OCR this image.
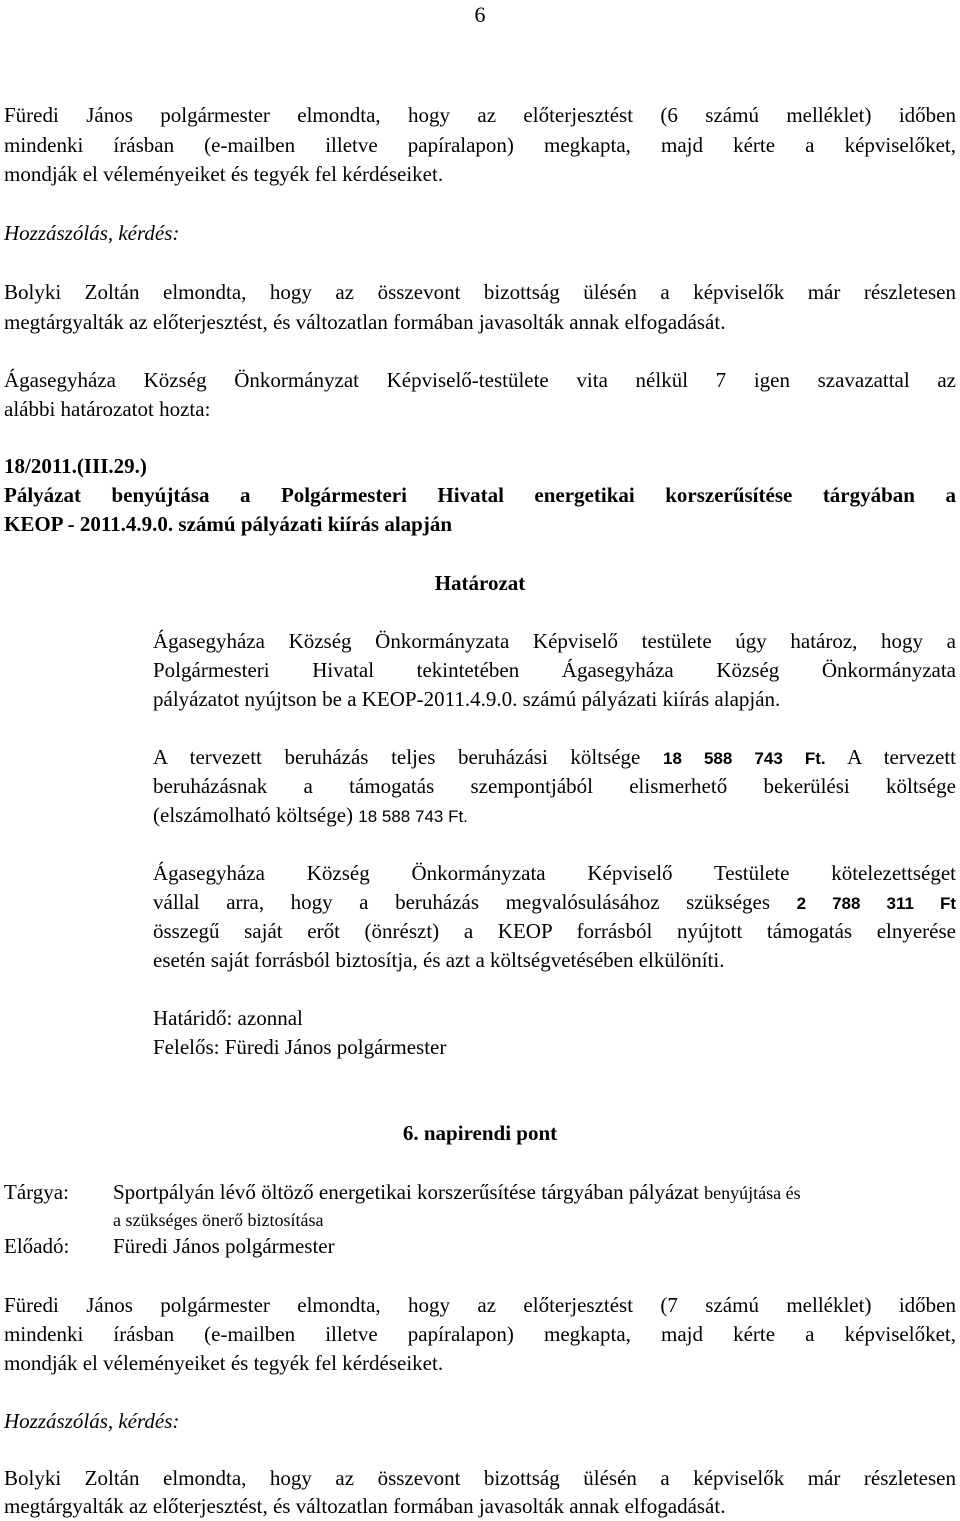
6
Füredi János polgármester elmondta, hogy az előterjesztést (6 számú melléklet) időben
mindenki írásban (e-mailben illetve papíralapon) megkapta, majd kérte a képviselőket,
mondják el véleményeiket és tegyék fel kérdéseiket.
Hozzászólás, kérdés:
Bolyki Zoltán elmondta, hogy az összevont bizottság ülésén a képviselők már részletesen
megtárgyalták az előterjesztést, és változatlan formában javasolták annak elfogadását.
Ágasegyháza Község Önkormányzat Képviselő-testülete vita nélkül 7 igen szavazattal az
alábbi határozatot hozta:
18/2011.(III.29.)
Pályázat benyújtása a Polgármesteri Hivatal energetikai korszerűsítése tárgyában a
KEOP - 2011.4.9.0. számú pályázati kiírás alapján
Határozat
Ágasegyháza Község Önkormányzata Képviselő testülete úgy határoz, hogy a
Polgármesteri Hivatal tekintetében Ágasegyháza Község Önkormányzata
pályázatot nyújtson be a KEOP-2011.4.9.0. számú pályázati kiírás alapján.
A tervezett beruházás teljes beruházási költsége 18 588 743 Ft. A tervezett
beruházásnak a támogatás szempontjából elismerhető bekerülési költsége
(elszámolható költsége) 18 588 743 Ft.
Ágasegyháza Község Önkormányzata Képviselő Testülete kötelezettséget
vállal arra, hogy a beruházás megvalósulásához szükséges 2 788 311 Ft
összegű saját erőt (önrészt) a KEOP forrásból nyújtott támogatás elnyerése
esetén saját forrásból biztosítja, és azt a költségvetésében elkülöníti.
Határidő: azonnal
Felelős: Füredi János polgármester
6. napirendi pont
Tárgya: Sportpályán lévő öltöző energetikai korszerűsítése tárgyában pályázat benyújtása és
a szükséges önerő biztosítása
Előadó: Füredi János polgármester
Füredi János polgármester elmondta, hogy az előterjesztést (7 számú melléklet) időben
mindenki írásban (e-mailben illetve papíralapon) megkapta, majd kérte a képviselőket,
mondják el véleményeiket és tegyék fel kérdéseiket.
Hozzászólás, kérdés:
Bolyki Zoltán elmondta, hogy az összevont bizottság ülésén a képviselők már részletesen
megtárgyalták az előterjesztést, és változatlan formában javasolták annak elfogadását.
